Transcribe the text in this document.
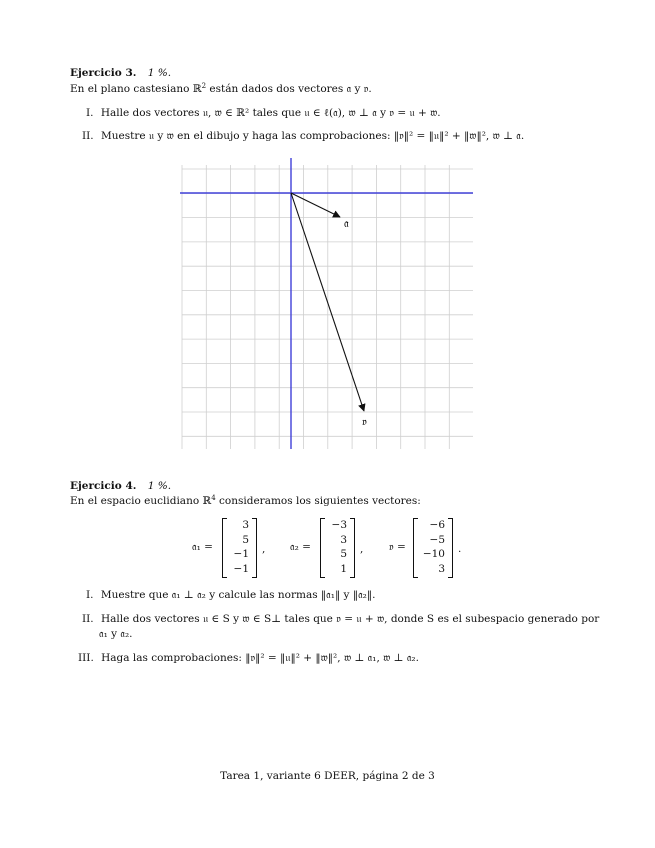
Ejercicio 3. 1 %.
En el plano castesiano ℝ$^2$ están dados dos vectores 𝔞 y 𝔳.
I. Halle dos vectores 𝔲, 𝔴 ∈ ℝ² tales que 𝔲 ∈ ℓ(𝔞), 𝔴 ⊥ 𝔞 y 𝔳 = 𝔲 + 𝔴.
II. Muestre 𝔲 y 𝔴 en el dibujo y haga las comprobaciones: ‖𝔳‖² = ‖𝔲‖² + ‖𝔴‖², 𝔴 ⊥ 𝔞.
𝔞
𝔳
Ejercicio 4. 1 %.
En el espacio euclidiano ℝ$^4$ consideramos los siguientes vectores:
𝔞₁ =
3
5
−1
−1
, 𝔞₂ =
−3
3
5
1
, 𝔳 =
−6
−5
−10
3
.
I. Muestre que 𝔞₁ ⊥ 𝔞₂ y calcule las normas ‖𝔞₁‖ y ‖𝔞₂‖.
II. Halle dos vectores 𝔲 ∈ S y 𝔴 ∈ S⊥ tales que 𝔳 = 𝔲 + 𝔴, donde S es el subespacio generado por
𝔞₁ y 𝔞₂.
III. Haga las comprobaciones: ‖𝔳‖² = ‖𝔲‖² + ‖𝔴‖², 𝔴 ⊥ 𝔞₁, 𝔴 ⊥ 𝔞₂.
Tarea 1, variante 6 DEER, página 2 de 3
